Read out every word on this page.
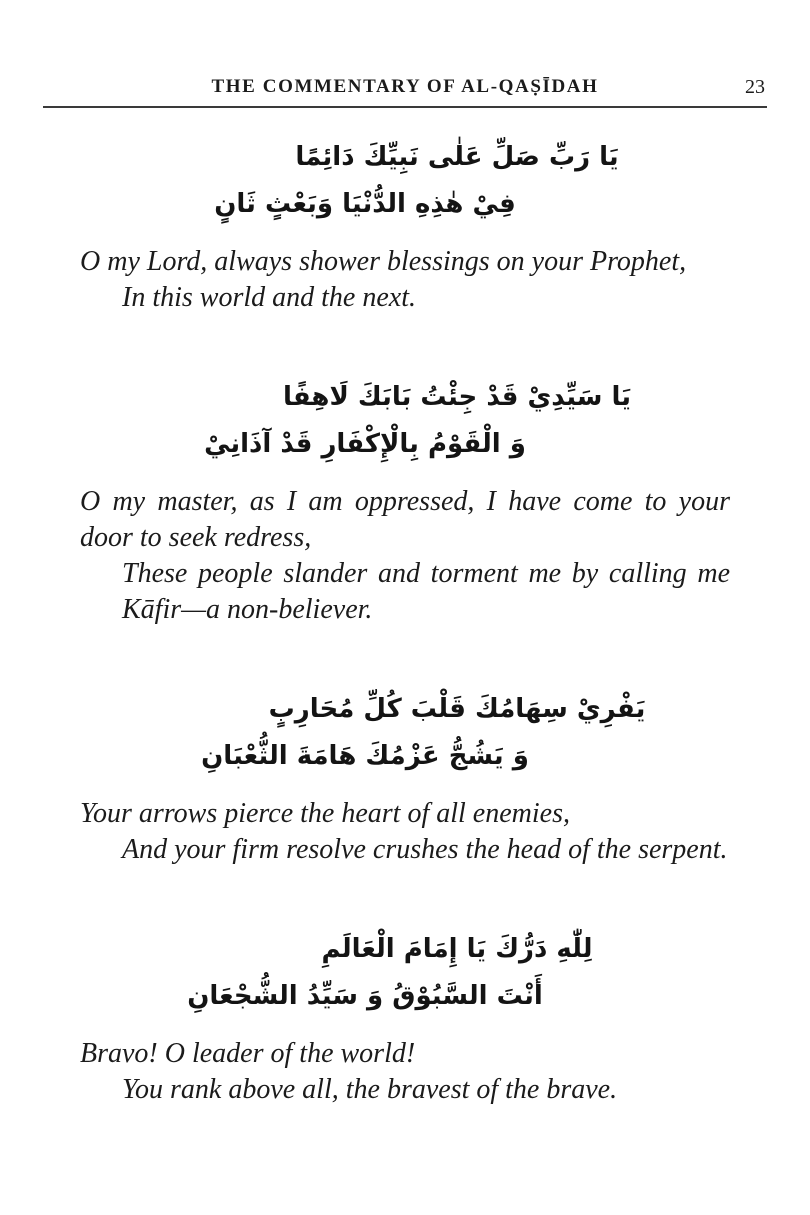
THE COMMENTARY OF AL-QAṢĪDAH	23
يَا رَبِّ صَلِّ عَلٰى نَبِيِّكَ دَائِمًا
فِيْ هٰذِهِ الدُّنْيَا وَبَعْثٍ ثَانٍ
O my Lord, always shower blessings on your Prophet,
In this world and the next.
يَا سَيِّدِيْ قَدْ جِئْتُ بَابَكَ لَاهِفًا
وَ الْقَوْمُ بِالْإِكْفَارِ قَدْ آذَانِيْ
O my master, as I am oppressed, I have come to your
door to seek redress,
These people slander and torment me by calling me
Kāfir—a non-believer.
يَفْرِيْ سِهَامُكَ قَلْبَ كُلِّ مُحَارِبٍ
وَ يَشُجُّ عَزْمُكَ هَامَةَ الثُّعْبَانِ
Your arrows pierce the heart of all enemies,
And your firm resolve crushes the head of the serpent.
لِلّٰهِ دَرُّكَ يَا إِمَامَ الْعَالَمِ
أَنْتَ السَّبُوْقُ وَ سَيِّدُ الشُّجْعَانِ
Bravo! O leader of the world!
You rank above all, the bravest of the brave.
